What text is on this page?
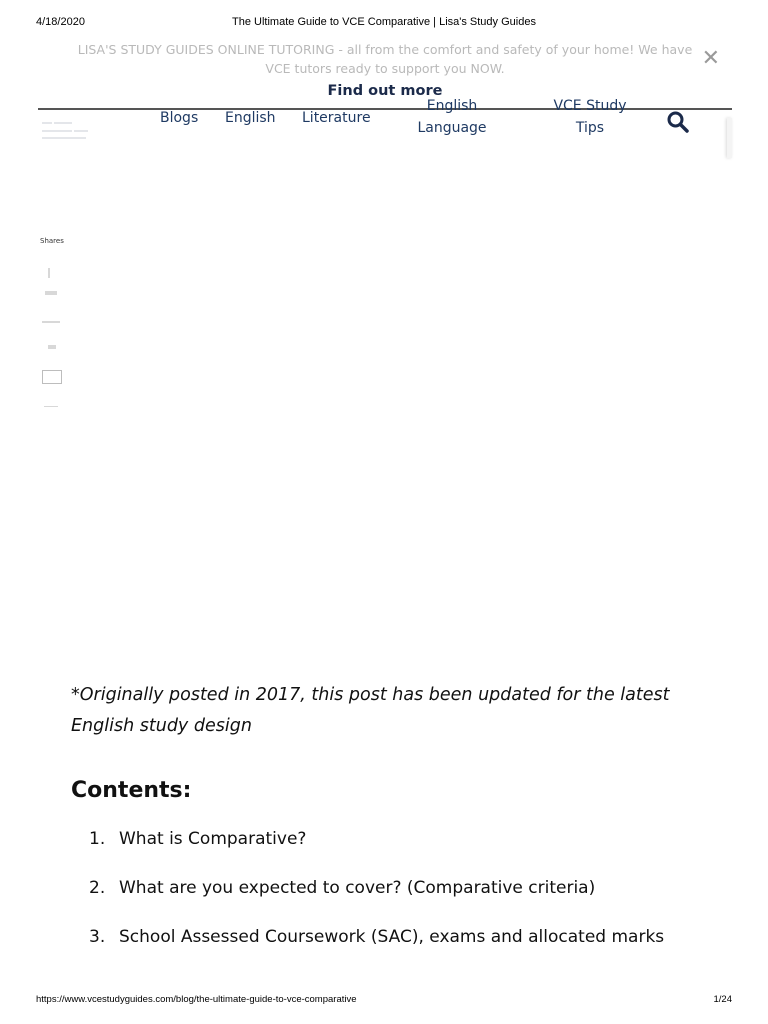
4/18/2020	The Ultimate Guide to VCE Comparative | Lisa's Study Guides
LISA'S STUDY GUIDES ONLINE TUTORING - all from the comfort and safety of your home! We have VCE tutors ready to support you NOW.
Find out more
✕
Blogs English Literature
English
Language
VCE Study
Tips
Shares

*Originally posted in 2017, this post has been updated for the latest English study design

Contents:
1. What is Comparative?
2. What are you expected to cover? (Comparative criteria)
3. School Assessed Coursework (SAC), exams and allocated marks
https://www.vcestudyguides.com/blog/the-ultimate-guide-to-vce-comparative	1/24
